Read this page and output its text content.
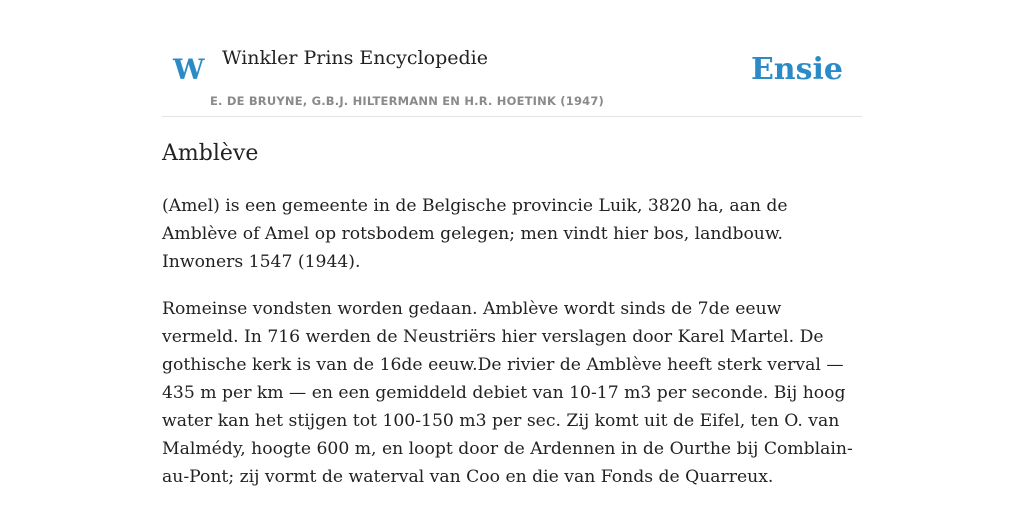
W Winkler Prins Encyclopedie
E. DE BRUYNE, G.B.J. HILTERMANN EN H.R. HOETINK (1947)
Ensie
Amblève

(Amel) is een gemeente in de Belgische provincie Luik, 3820 ha, aan de Amblève of Amel op rotsbodem gelegen; men vindt hier bos, landbouw. Inwoners 1547 (1944).

Romeinse vondsten worden gedaan. Amblève wordt sinds de 7de eeuw vermeld. In 716 werden de Neustriërs hier verslagen door Karel Martel. De gothische kerk is van de 16de eeuw.De rivier de Amblève heeft sterk verval — 435 m per km — en een gemiddeld debiet van 10-17 m3 per seconde. Bij hoog water kan het stijgen tot 100-150 m3 per sec. Zij komt uit de Eifel, ten O. van Malmédy, hoogte 600 m, en loopt door de Ardennen in de Ourthe bij Comblain-au-Pont; zij vormt de waterval van Coo en die van Fonds de Quarreux.
